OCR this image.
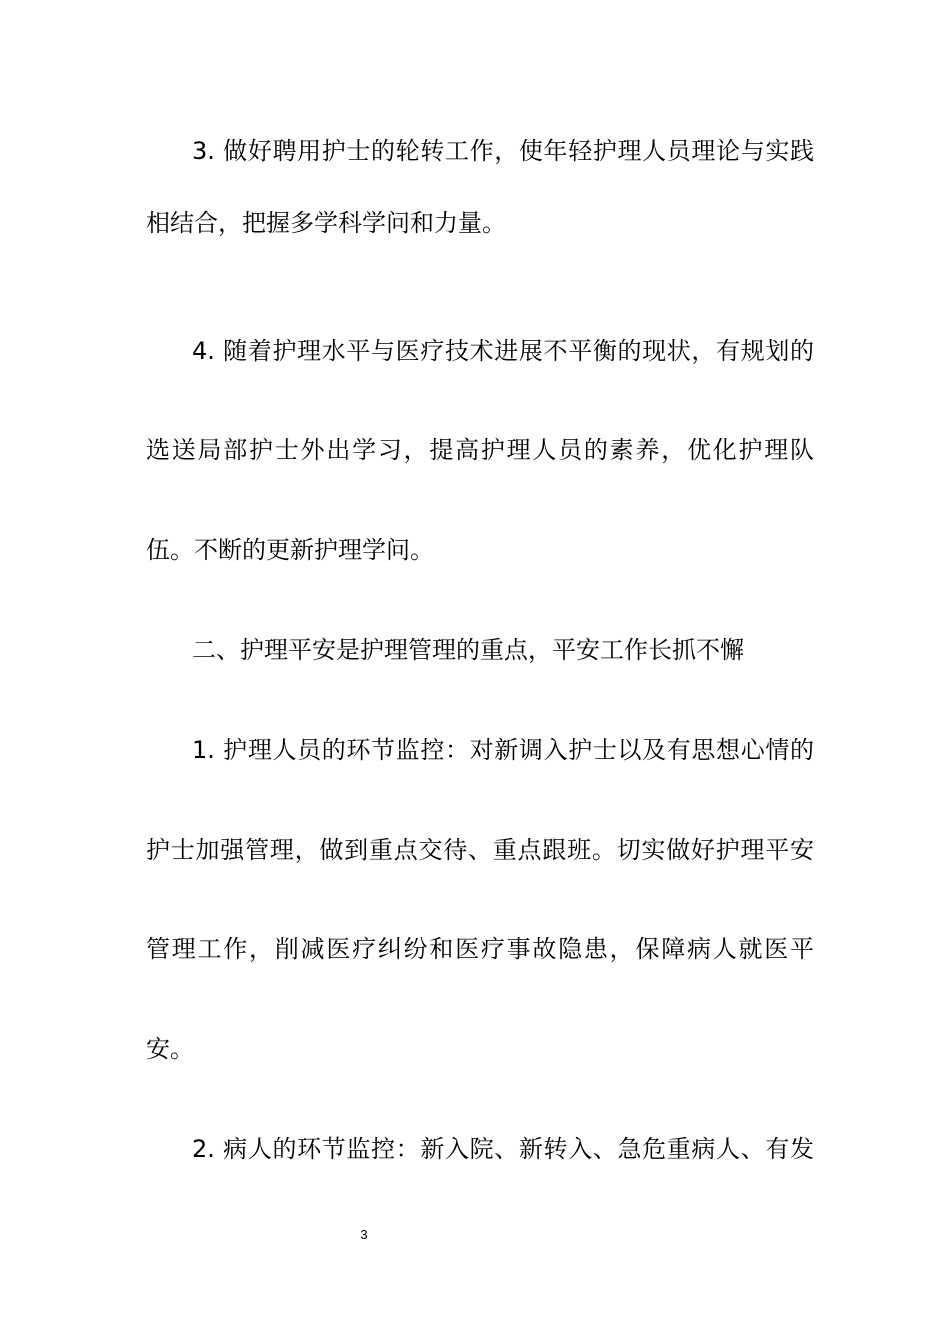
3. 做好聘用护士的轮转工作，使年轻护理人员理论与实践
相结合，把握多学科学问和力量。
4. 随着护理水平与医疗技术进展不平衡的现状，有规划的
选送局部护士外出学习，提高护理人员的素养，优化护理队
伍。不断的更新护理学问。
二、护理平安是护理管理的重点，平安工作长抓不懈
1. 护理人员的环节监控：对新调入护士以及有思想心情的
护士加强管理，做到重点交待、重点跟班。切实做好护理平安
管理工作，削减医疗纠纷和医疗事故隐患，保障病人就医平
安。
2. 病人的环节监控：新入院、新转入、急危重病人、有发
3
